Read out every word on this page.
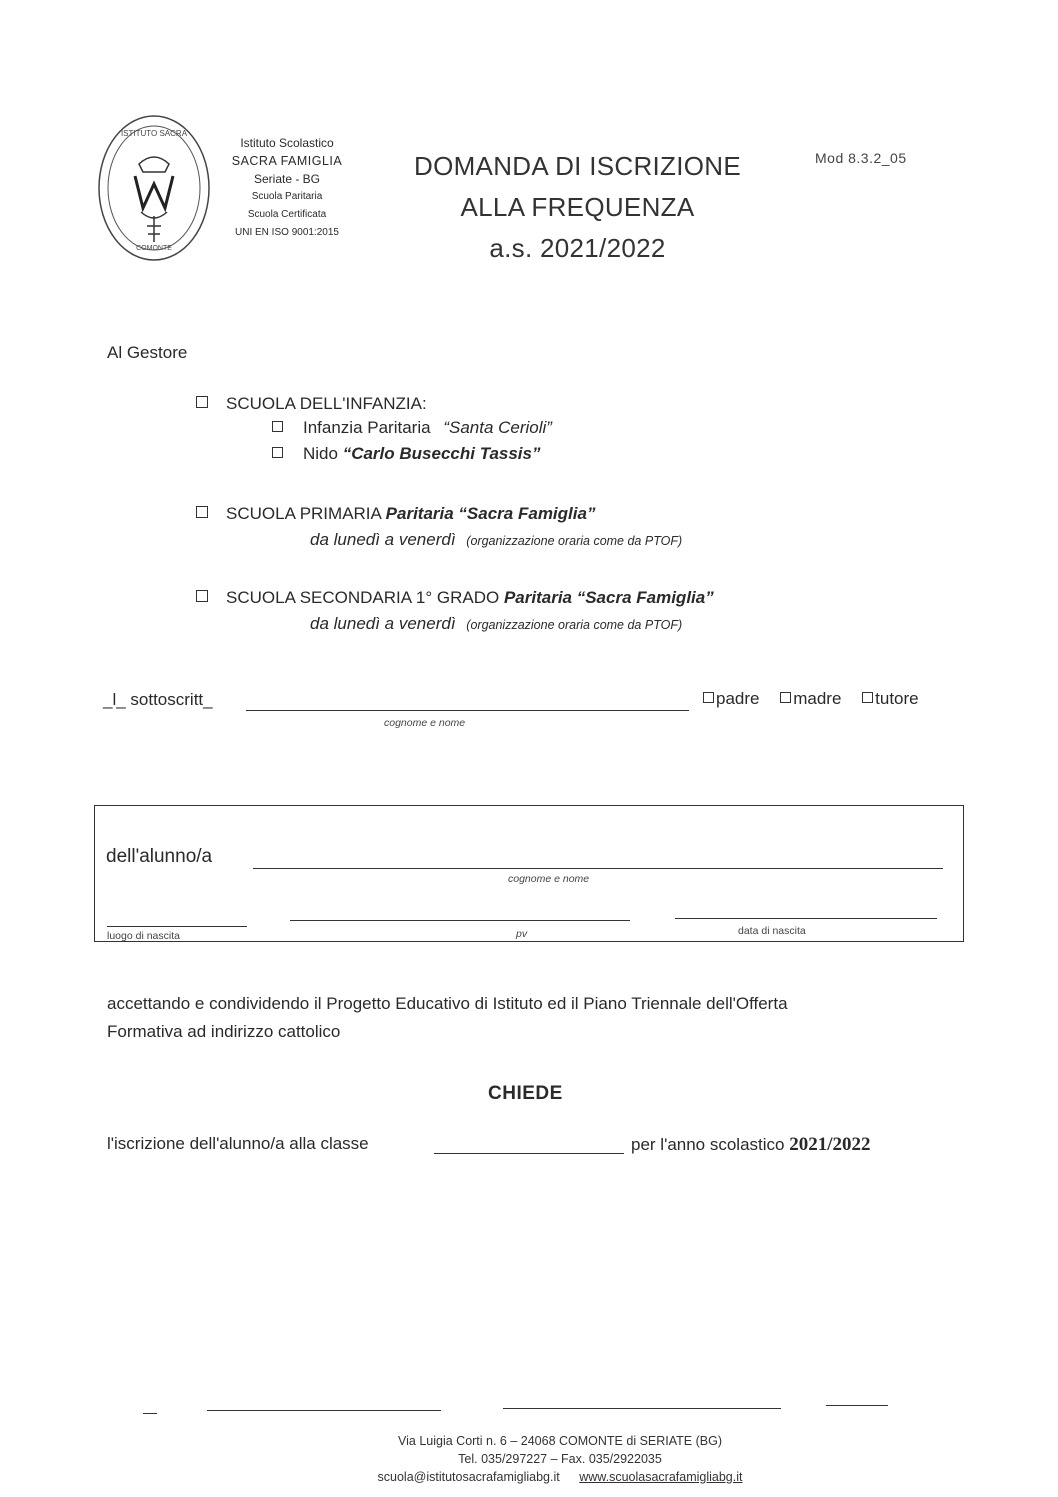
ISTITUTO SACRA
COMONTE
Istituto Scolastico
SACRA FAMIGLIA
Seriate - BG
Scuola Paritaria
Scuola Certificata
UNI EN ISO 9001:2015
DOMANDA DI ISCRIZIONE
ALLA FREQUENZA
a.s. 2021/2022
Mod 8.3.2_05
Al Gestore
SCUOLA DELL'INFANZIA:
Infanzia Paritaria “Santa Cerioli”
Nido “Carlo Busecchi Tassis”
SCUOLA PRIMARIA Paritaria “Sacra Famiglia”
da lunedì a venerdì (organizzazione oraria come da PTOF)
SCUOLA SECONDARIA 1° GRADO Paritaria “Sacra Famiglia”
da lunedì a venerdì (organizzazione oraria come da PTOF)
_l_ sottoscritt_
cognome e nome
padre madre tutore
dell'alunno/a
cognome e nome
luogo di nascita	pv	data di nascita
accettando e condividendo il Progetto Educativo di Istituto ed il Piano Triennale dell'Offerta
Formativa ad indirizzo cattolico
CHIEDE
l'iscrizione dell'alunno/a alla classe	per l'anno scolastico 2021/2022
Via Luigia Corti n. 6 – 24068 COMONTE di SERIATE (BG)
Tel. 035/297227 – Fax. 035/2922035
scuola@istitutosacrafamigliabg.it www.scuolasacrafamigliabg.it
